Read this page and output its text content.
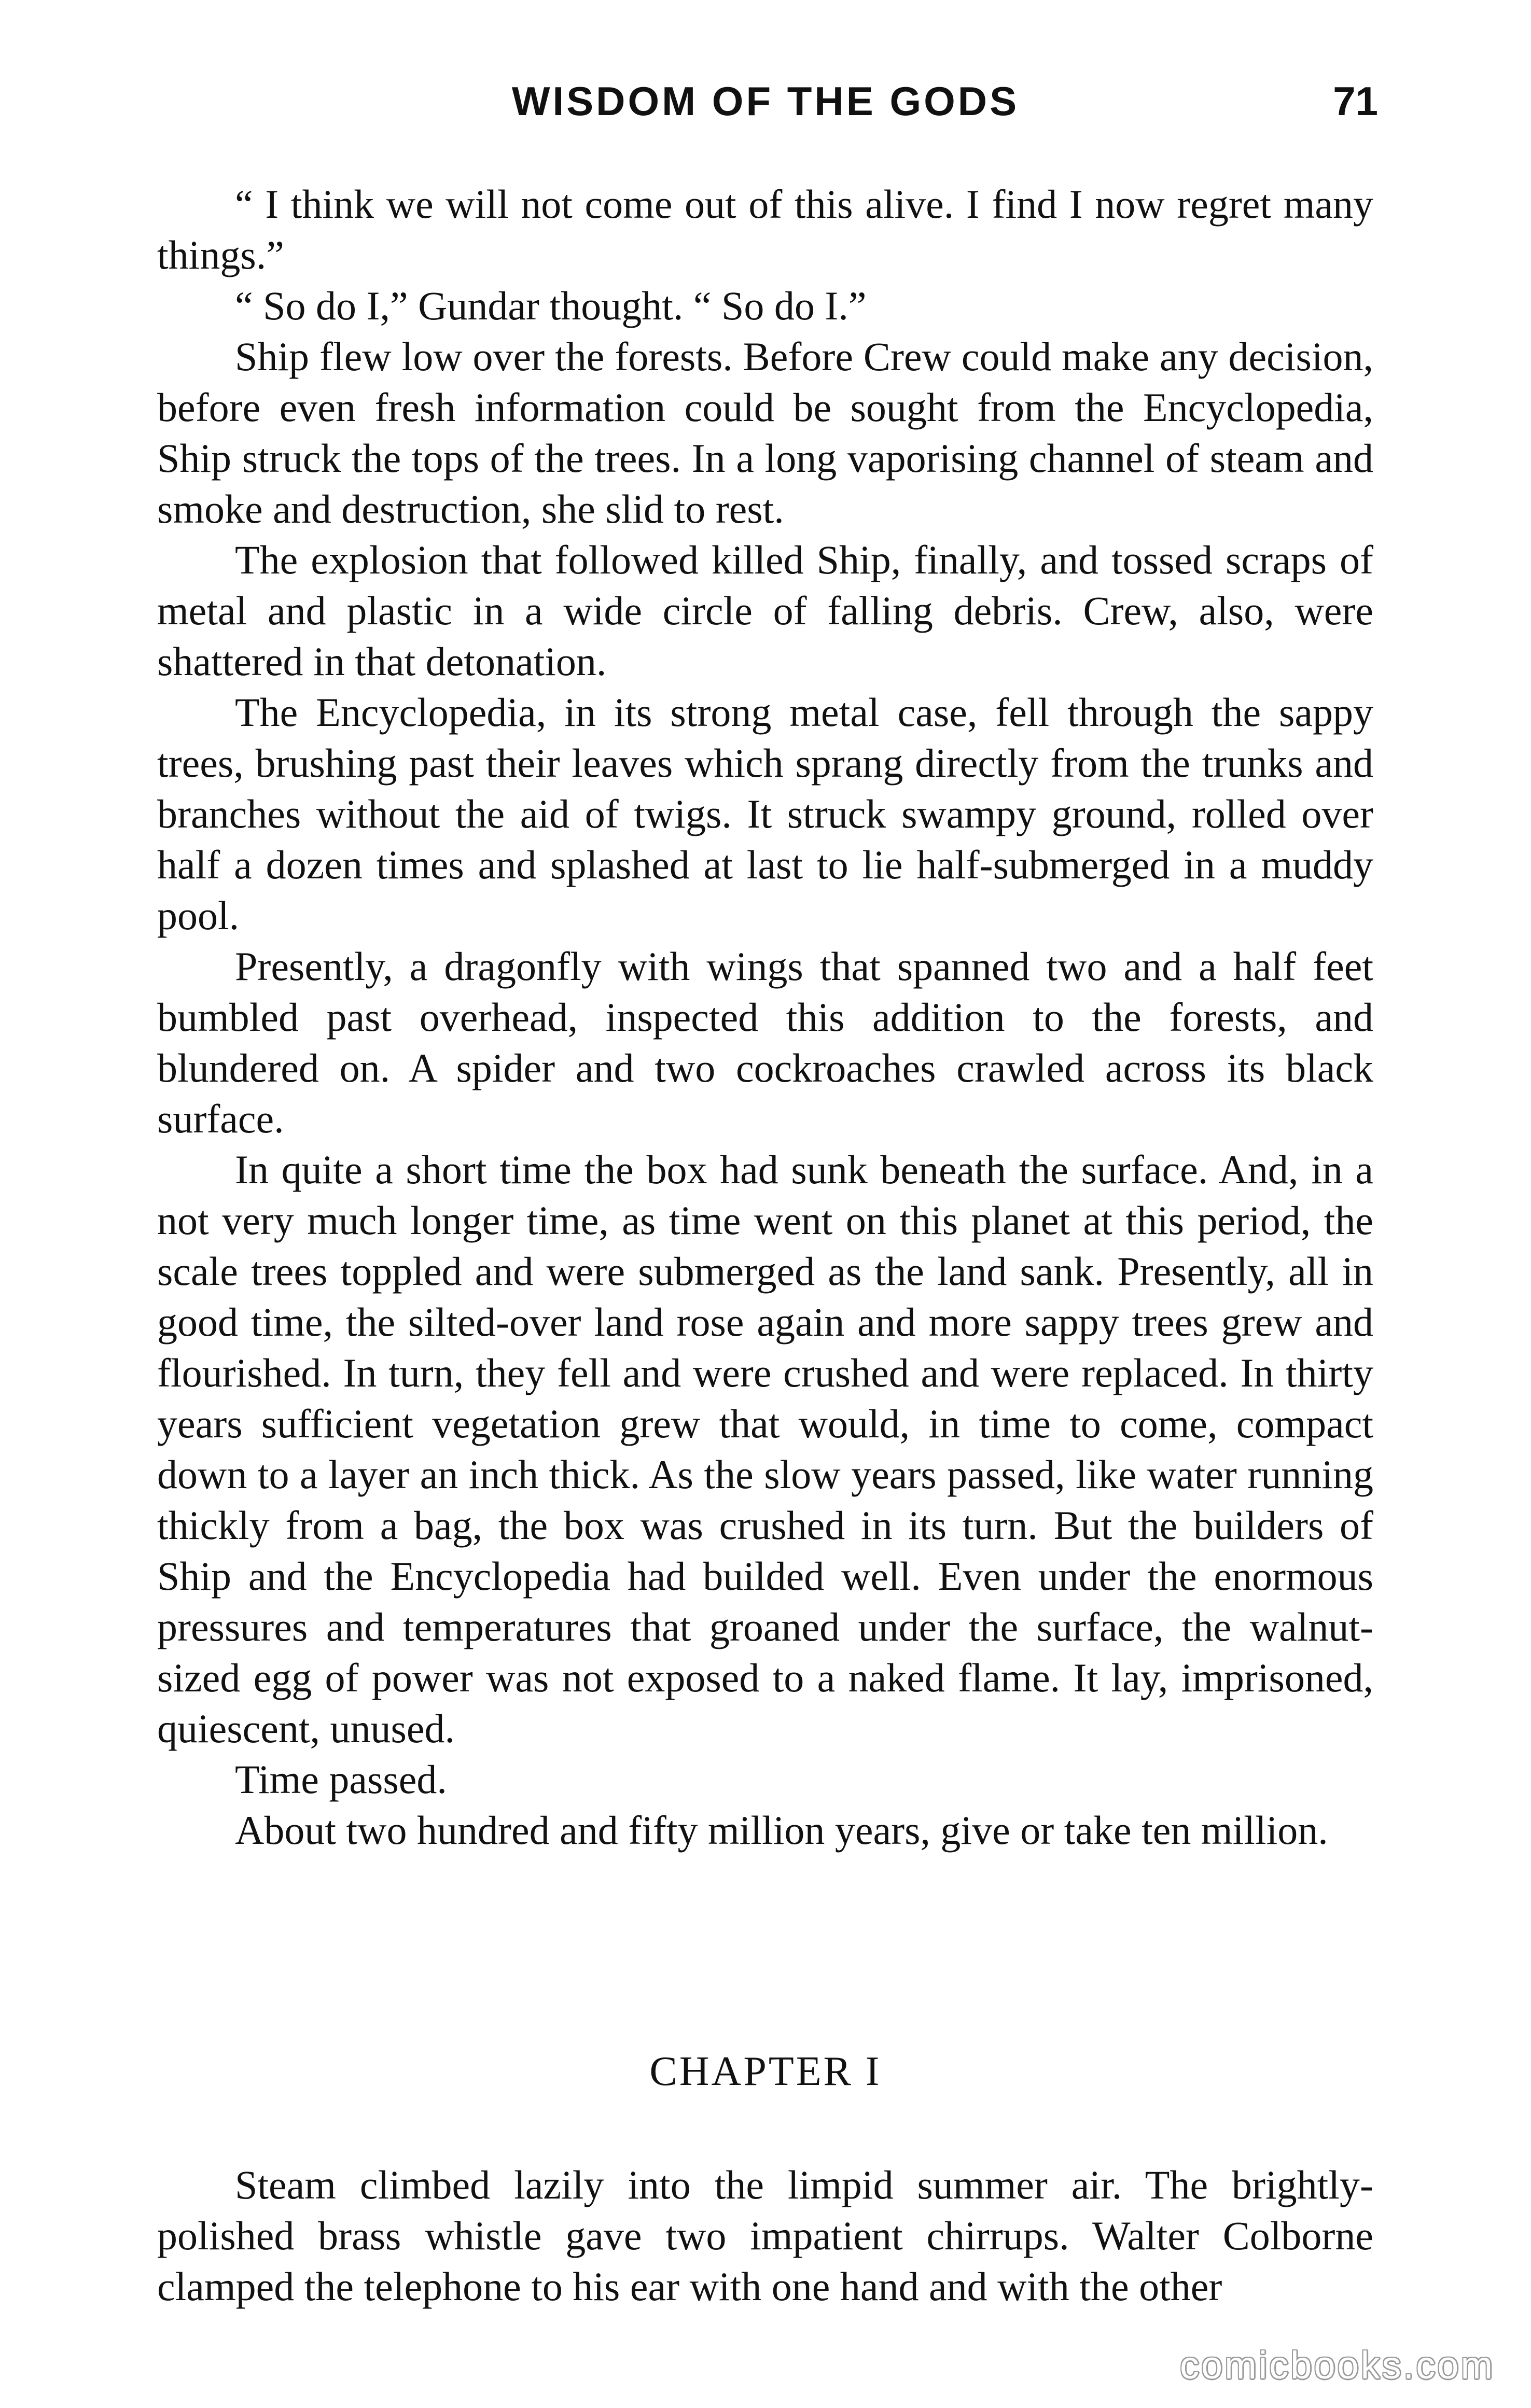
WISDOM OF THE GODS	71

“ I think we will not come out of this alive. I find I now regret many things.”

“ So do I,” Gundar thought. “ So do I.”

Ship flew low over the forests. Before Crew could make any decision, before even fresh information could be sought from the Encyclopedia, Ship struck the tops of the trees. In a long vaporising channel of steam and smoke and destruction, she slid to rest.

The explosion that followed killed Ship, finally, and tossed scraps of metal and plastic in a wide circle of falling debris. Crew, also, were shattered in that detonation.

The Encyclopedia, in its strong metal case, fell through the sappy trees, brushing past their leaves which sprang directly from the trunks and branches without the aid of twigs. It struck swampy ground, rolled over half a dozen times and splashed at last to lie half-submerged in a muddy pool.

Presently, a dragonfly with wings that spanned two and a half feet bumbled past overhead, inspected this addition to the forests, and blundered on. A spider and two cockroaches crawled across its black surface.

In quite a short time the box had sunk beneath the surface. And, in a not very much longer time, as time went on this planet at this period, the scale trees toppled and were submerged as the land sank. Presently, all in good time, the silted-over land rose again and more sappy trees grew and flourished. In turn, they fell and were crushed and were replaced. In thirty years sufficient vegetation grew that would, in time to come, compact down to a layer an inch thick. As the slow years passed, like water running thickly from a bag, the box was crushed in its turn. But the builders of Ship and the Encyclopedia had builded well. Even under the enormous pressures and temperatures that groaned under the surface, the walnut-sized egg of power was not exposed to a naked flame. It lay, imprisoned, quiescent, unused.

Time passed.

About two hundred and fifty million years, give or take ten million.

CHAPTER I

Steam climbed lazily into the limpid summer air. The brightly-polished brass whistle gave two impatient chirrups. Walter Colborne clamped the telephone to his ear with one hand and with the other

comicbooks.com
